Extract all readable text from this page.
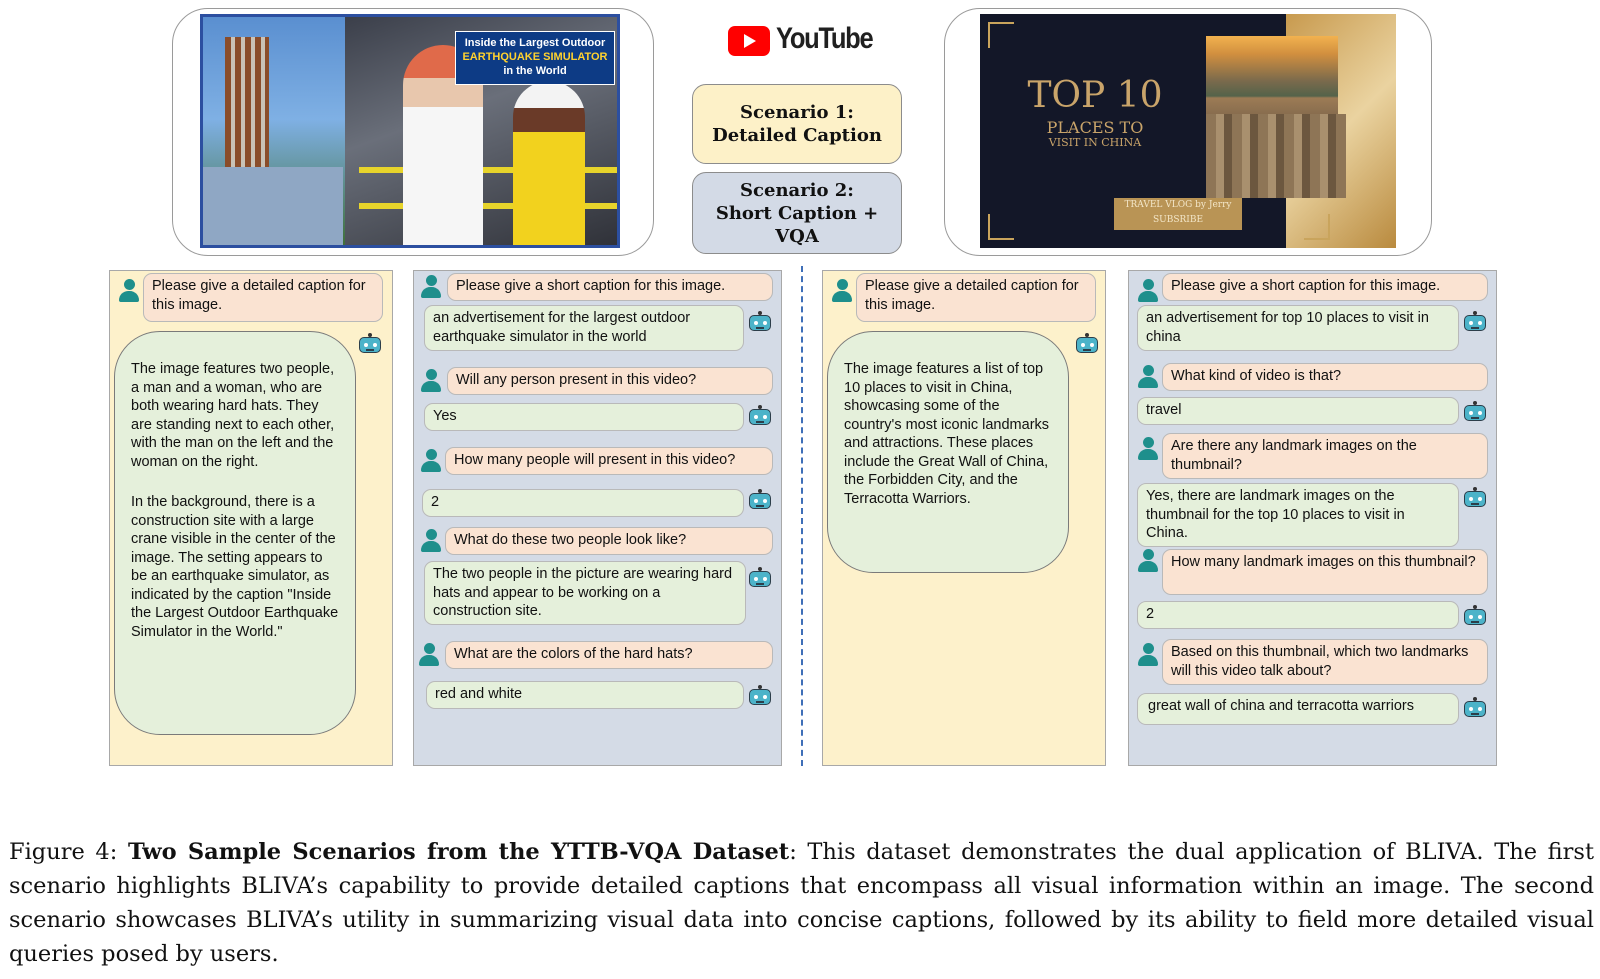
Inside the Largest Outdoor
EARTHQUAKE SIMULATOR
in the World
YouTube
Scenario 1:
Detailed Caption
Scenario 2:
Short Caption + VQA
TOP 10
PLACES TO
VISIT IN CHINA
TRAVEL VLOG by Jerry
SUBSRIBE
Please give a detailed caption for this image.

The image features two people, a man and a woman, who are both wearing hard hats. They are standing next to each other, with the man on the left and the woman on the right.

In the background, there is a construction site with a large crane visible in the center of the image. The setting appears to be an earthquake simulator, as indicated by the caption "Inside the Largest Outdoor Earthquake Simulator in the World."

Please give a short caption for this image.
an advertisement for the largest outdoor earthquake simulator in the world
Will any person present in this video?
Yes
How many people will present in this video?
2
What do these two people look like?
The two people in the picture are wearing hard hats and appear to be working on a construction site.
What are the colors of the hard hats?
red and white
Please give a detailed caption for this image.

The image features a list of top 10 places to visit in China, showcasing some of the country's most iconic landmarks and attractions. These places include the Great Wall of China, the Forbidden City, and the Terracotta Warriors.

Please give a short caption for this image.
an advertisement for top 10 places to visit in china
What kind of video is that?
travel
Are there any landmark images on the thumbnail?
Yes, there are landmark images on the thumbnail for the top 10 places to visit in China.
How many landmark images on this thumbnail?
2
Based on this thumbnail, which two landmarks will this video talk about?
great wall of china and terracotta warriors
Figure 4: Two Sample Scenarios from the YTTB-VQA Dataset: This dataset demonstrates the dual application of BLIVA. The first scenario highlights BLIVA’s capability to provide detailed captions that encompass all visual information within an image. The second scenario showcases BLIVA’s utility in summarizing visual data into concise captions, followed by its ability to field more detailed visual queries posed by users.
